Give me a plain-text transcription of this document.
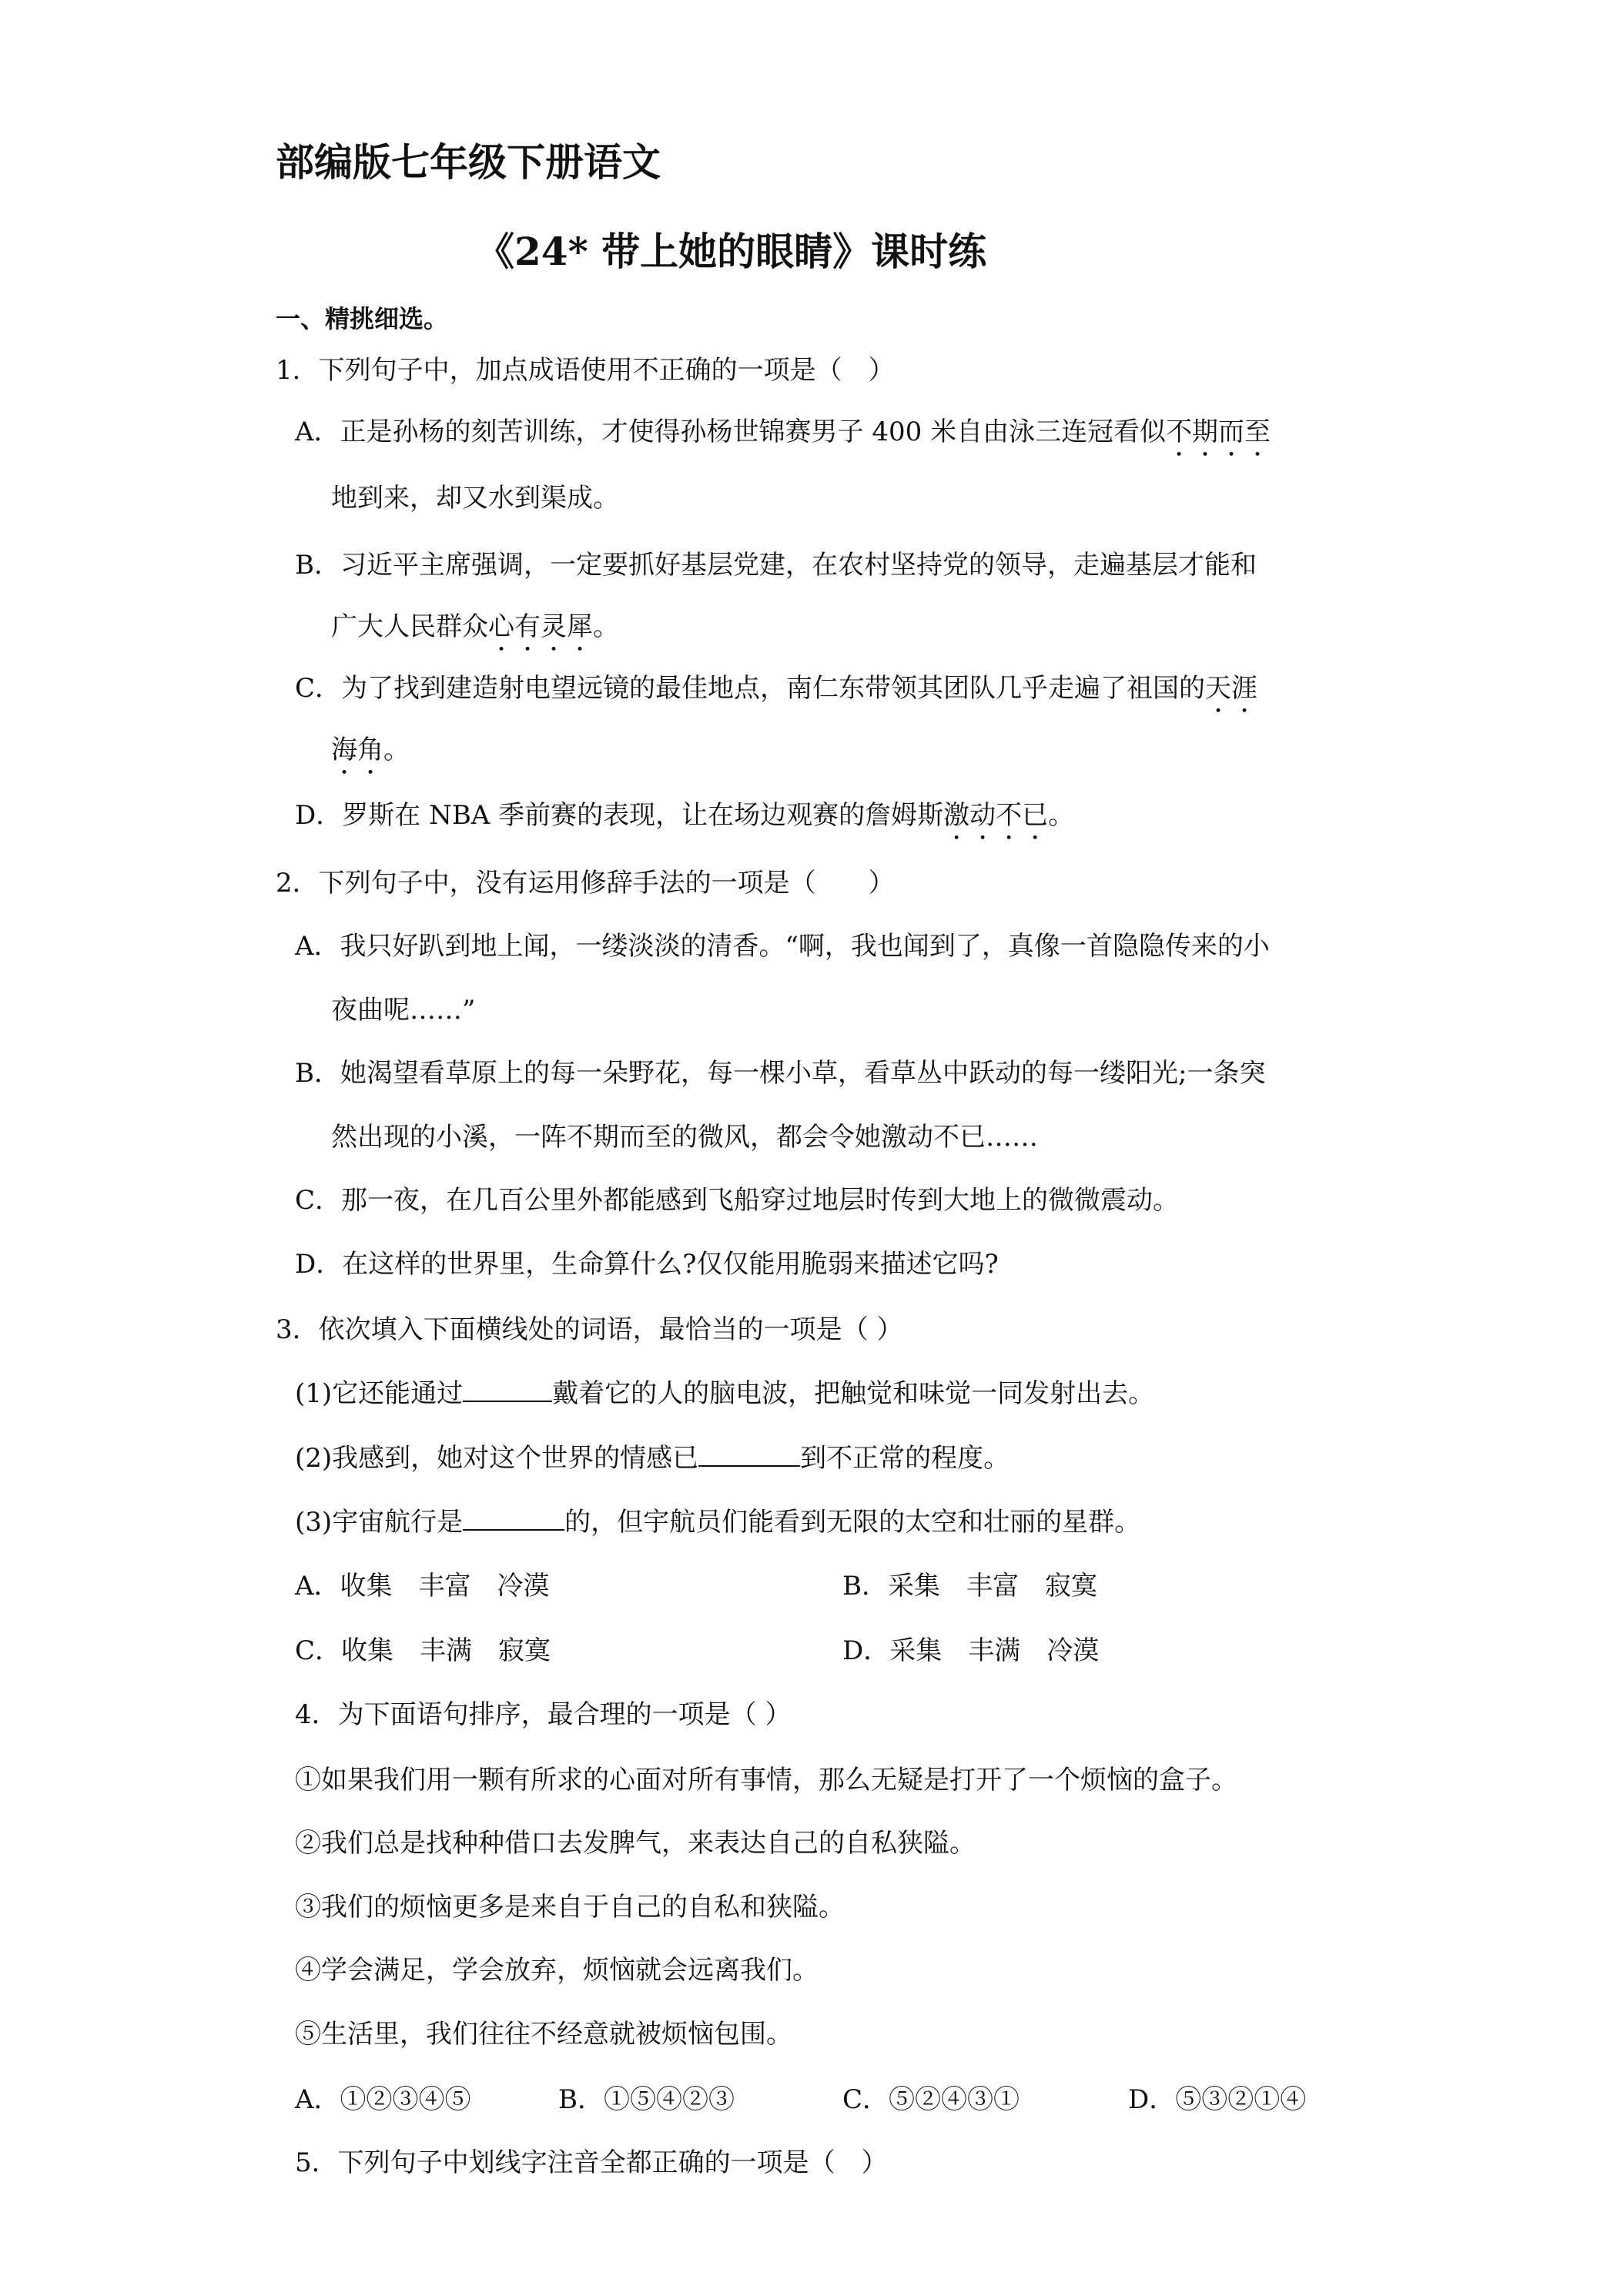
部编版七年级下册语文
《24* 带上她的眼睛》课时练
一、精挑细选。
1．下列句子中，加点成语使用不正确的一项是（　）
A．正是孙杨的刻苦训练，才使得孙杨世锦赛男子 400 米自由泳三连冠看似不期而至
地到来，却又水到渠成。
B．习近平主席强调，一定要抓好基层党建，在农村坚持党的领导，走遍基层才能和
广大人民群众心有灵犀。
C．为了找到建造射电望远镜的最佳地点，南仁东带领其团队几乎走遍了祖国的天涯
海角。
D．罗斯在 NBA 季前赛的表现，让在场边观赛的詹姆斯激动不已。
2．下列句子中，没有运用修辞手法的一项是（　　）
A．我只好趴到地上闻，一缕淡淡的清香。“啊，我也闻到了，真像一首隐隐传来的小
夜曲呢……”
B．她渴望看草原上的每一朵野花，每一棵小草，看草丛中跃动的每一缕阳光;一条突
然出现的小溪，一阵不期而至的微风，都会令她激动不已……
C．那一夜，在几百公里外都能感到飞船穿过地层时传到大地上的微微震动。
D．在这样的世界里，生命算什么?仅仅能用脆弱来描述它吗?
3．依次填入下面横线处的词语，最恰当的一项是（ ）
(1)它还能通过	戴着它的人的脑电波，把触觉和味觉一同发射出去。
(2)我感到，她对这个世界的情感已	到不正常的程度。
(3)宇宙航行是	的，但宇航员们能看到无限的太空和壮丽的星群。
A．收集　丰富　冷漠	B．采集　丰富　寂寞
C．收集　丰满　寂寞	D．采集　丰满　冷漠
4．为下面语句排序，最合理的一项是（ ）
①如果我们用一颗有所求的心面对所有事情，那么无疑是打开了一个烦恼的盒子。
②我们总是找种种借口去发脾气，来表达自己的自私狭隘。
③我们的烦恼更多是来自于自己的自私和狭隘。
④学会满足，学会放弃，烦恼就会远离我们。
⑤生活里，我们往往不经意就被烦恼包围。
A．①②③④⑤	B．①⑤④②③	C．⑤②④③①	D．⑤③②①④
5．下列句子中划线字注音全都正确的一项是（　）
